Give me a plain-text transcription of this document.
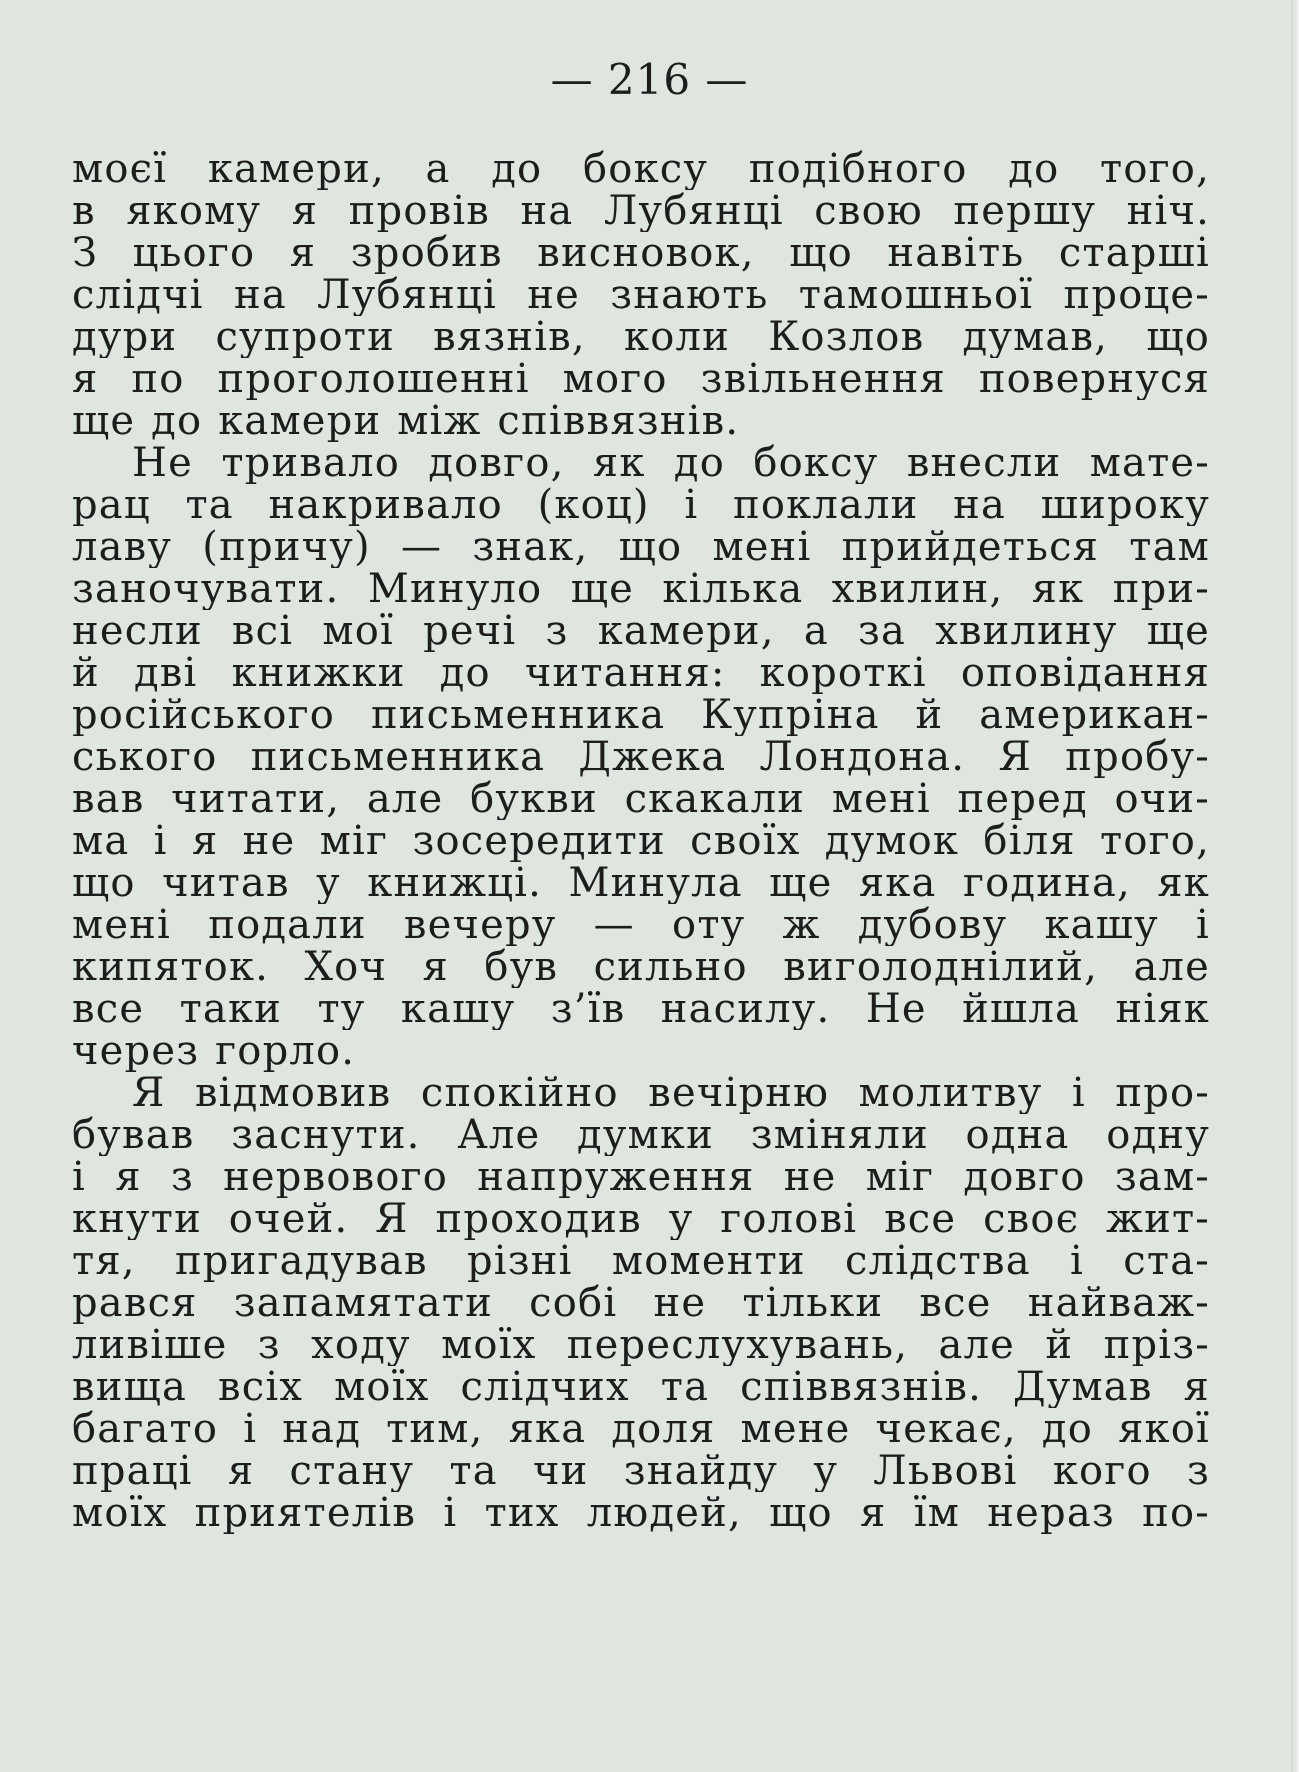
— 216 —
моєї камери, а до боксу подібного до того,
в якому я провів на Лубянці свою першу ніч.
З цього я зробив висновок, що навіть старші
слідчі на Лубянці не знають тамошньої проце-
дури супроти вязнів, коли Козлов думав, що
я по проголошенні мого звільнення повернуся
ще до камери між співвязнів.
Не тривало довго, як до боксу внесли мате-
рац та накривало (коц) і поклали на широку
лаву (причу) — знак, що мені прийдеться там
заночувати. Минуло ще кілька хвилин, як при-
несли всі мої речі з камери, а за хвилину ще
й дві книжки до читання: короткі оповідання
російського письменника Купріна й американ-
ського письменника Джека Лондона. Я пробу-
вав читати, але букви скакали мені перед очи-
ма і я не міг зосередити своїх думок біля того,
що читав у книжці. Минула ще яка година, як
мені подали вечеру — оту ж дубову кашу і
кипяток. Хоч я був сильно виголоднілий, але
все таки ту кашу з’їв насилу. Не йшла ніяк
через горло.
Я відмовив спокійно вечірню молитву і про-
бував заснути. Але думки зміняли одна одну
і я з нервового напруження не міг довго зам-
кнути очей. Я проходив у голові все своє жит-
тя, пригадував різні моменти слідства і ста-
рався запамятати собі не тільки все найваж-
ливіше з ходу моїх переслухувань, але й пріз-
вища всіх моїх слідчих та співвязнів. Думав я
багато і над тим, яка доля мене чекає, до якої
праці я стану та чи знайду у Львові кого з
моїх приятелів і тих людей, що я їм нераз по-
